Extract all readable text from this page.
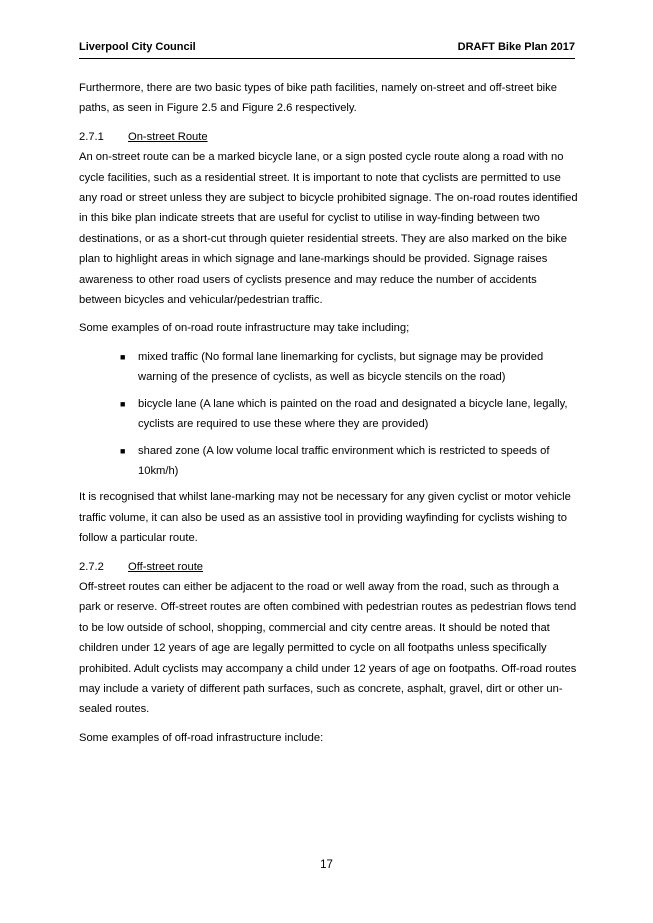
Liverpool City Council	DRAFT Bike Plan 2017

Furthermore, there are two basic types of bike path facilities, namely on-street and off-street bike paths, as seen in Figure 2.5 and Figure 2.6 respectively.

2.7.1 On-street Route

An on-street route can be a marked bicycle lane, or a sign posted cycle route along a road with no cycle facilities, such as a residential street. It is important to note that cyclists are permitted to use any road or street unless they are subject to bicycle prohibited signage. The on-road routes identified in this bike plan indicate streets that are useful for cyclist to utilise in way-finding between two destinations, or as a short-cut through quieter residential streets. They are also marked on the bike plan to highlight areas in which signage and lane-markings should be provided. Signage raises awareness to other road users of cyclists presence and may reduce the number of accidents between bicycles and vehicular/pedestrian traffic.

Some examples of on-road route infrastructure may take including;

■ mixed traffic (No formal lane linemarking for cyclists, but signage may be provided warning of the presence of cyclists, as well as bicycle stencils on the road)
■ bicycle lane (A lane which is painted on the road and designated a bicycle lane, legally, cyclists are required to use these where they are provided)
■ shared zone (A low volume local traffic environment which is restricted to speeds of 10km/h)

It is recognised that whilst lane-marking may not be necessary for any given cyclist or motor vehicle traffic volume, it can also be used as an assistive tool in providing wayfinding for cyclists wishing to follow a particular route.

2.7.2 Off-street route

Off-street routes can either be adjacent to the road or well away from the road, such as through a park or reserve. Off-street routes are often combined with pedestrian routes as pedestrian flows tend to be low outside of school, shopping, commercial and city centre areas. It should be noted that children under 12 years of age are legally permitted to cycle on all footpaths unless specifically prohibited. Adult cyclists may accompany a child under 12 years of age on footpaths. Off-road routes may include a variety of different path surfaces, such as concrete, asphalt, gravel, dirt or other un-sealed routes.

Some examples of off-road infrastructure include:

17
